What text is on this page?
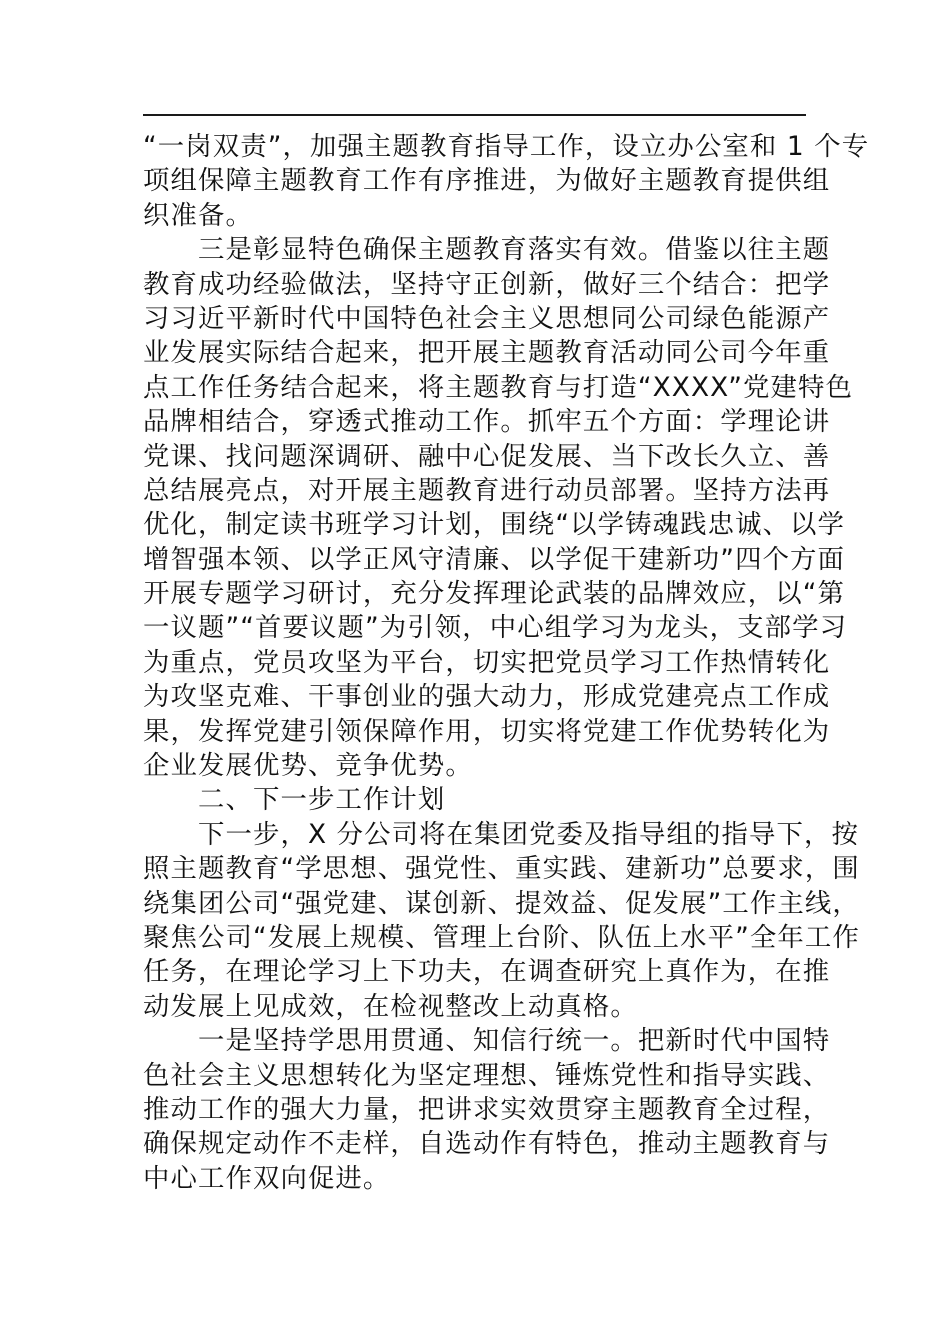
“一岗双责”，加强主题教育指导工作，设立办公室和 1 个专
项组保障主题教育工作有序推进，为做好主题教育提供组
织准备。
三是彰显特色确保主题教育落实有效。借鉴以往主题
教育成功经验做法，坚持守正创新，做好三个结合：把学
习习近平新时代中国特色社会主义思想同公司绿色能源产
业发展实际结合起来，把开展主题教育活动同公司今年重
点工作任务结合起来，将主题教育与打造“XXXX”党建特色
品牌相结合，穿透式推动工作。抓牢五个方面：学理论讲
党课、找问题深调研、融中心促发展、当下改长久立、善
总结展亮点，对开展主题教育进行动员部署。坚持方法再
优化，制定读书班学习计划，围绕“以学铸魂践忠诚、以学
增智强本领、以学正风守清廉、以学促干建新功”四个方面
开展专题学习研讨，充分发挥理论武装的品牌效应，以“第
一议题”“首要议题”为引领，中心组学习为龙头，支部学习
为重点，党员攻坚为平台，切实把党员学习工作热情转化
为攻坚克难、干事创业的强大动力，形成党建亮点工作成
果，发挥党建引领保障作用，切实将党建工作优势转化为
企业发展优势、竞争优势。
二、下一步工作计划
下一步，X 分公司将在集团党委及指导组的指导下，按
照主题教育“学思想、强党性、重实践、建新功”总要求，围
绕集团公司“强党建、谋创新、提效益、促发展”工作主线，
聚焦公司“发展上规模、管理上台阶、队伍上水平”全年工作
任务，在理论学习上下功夫，在调查研究上真作为，在推
动发展上见成效，在检视整改上动真格。
一是坚持学思用贯通、知信行统一。把新时代中国特
色社会主义思想转化为坚定理想、锤炼党性和指导实践、
推动工作的强大力量，把讲求实效贯穿主题教育全过程，
确保规定动作不走样，自选动作有特色，推动主题教育与
中心工作双向促进。
